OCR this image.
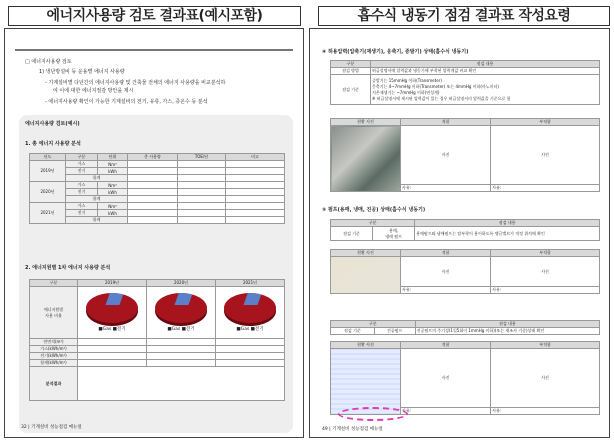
에너지사용량 검토 결과표(예시포함)	흡수식 냉동기 점검 결과표 작성요령
□ 에너지사용량 검토
1) 냉난방설비 등 운용별 에너지 사용량
- 기계설비별 다년간의 에너지사용량 및 건축물 전체의 에너지 사용량을 비교분석하
여 이에 대한 에너지절감 방안을 제시
- 에너지사용량 확인이 가능한 기계설비의 전기, 유류, 가스, 증온수 등 분석
에너지사용량 검토(예시)
1. 총 에너지 사용량 분석
년도	구분	단위	총 사용량	TOE/년	비고
2019년	가스	Nm³			
	전기	kWh			
	합계				
2020년	가스	Nm³			
	전기	kWh			
	합계				
2021년	가스	Nm³			
	전기	kWh			
	합계				
2. 에너지원별 1차 에너지 사용량 분석
구분	2019년	2020년	2021년
에너지원별
사용 비율	■Gas ■전기	■Gas ■전기	■Gas ■전기

연면적(m²)			
가스(kWh/m²)			
전기(kWh/m²)			
합계(kWh/m²)			
분석결과			
32 | 기계설비 성능점검 매뉴얼
④ 허용압력(압축기(재생기), 응축기, 증발기) 상태(흡수식 냉동기)
구분	점검 내용
점검 방법	허급설명서에 압력값과 냉동기에 부착된 압력계값 비교 확인
점검 기준	증발기는 15mmHg 이하(Transmeter)
응축기는 4~7mmHg 이하(Transmeter) 또는 4mmHg 이하(마노미터)
저온재생기는 ~7mmHg 이하(연성계)
※ 허급설명서에 제시된 압력값이 있는 경우 허급설명서의 압력값을 기준으로 함
현황 사진	적합	부적합
	사진	사진
	사유:	사유:
⑤ 펌프(용매, 냉매, 진공) 상태(흡수식 냉동기)
구분		점검 내용
점검 기준	용매,
냉매 펌프	용매펌프와 냉매펌프는 탈부착이 용이하도록 앵글밸브가 적정 위치에 확인
현황 사진	적합	부적합
	사진	사진
	사유:	사유:
구분		점검 내용
점검 기준	진공펌프	진공펌프의 주기성(1일5회이 1mmHg 이하)(또는 제조사 기준)상태 확인
현황 사진	적합	부적합
	사진	사진
	사유:	사유:
49 | 기계설비 성능점검 매뉴얼
